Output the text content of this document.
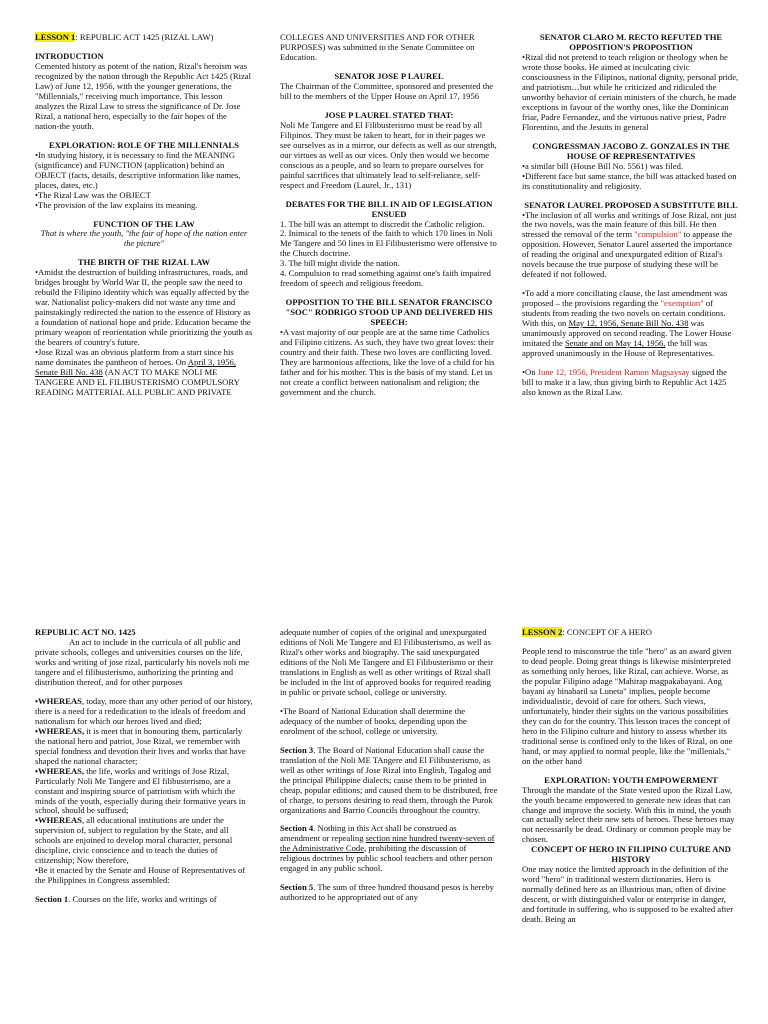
LESSON 1: REPUBLIC ACT 1425 (RIZAL LAW)

INTRODUCTION

Cemented history as potent of the nation, Rizal's heroism was recognized by the nation through the Republic Act 1425 (Rizal Law) of June 12, 1956, with the younger generations, the "Millennials," receiving much importance. This lesson analyzes the Rizal Law to stress the significance of Dr. Jose Rizal, a national hero, especially to the fair hopes of the nation-the youth.

EXPLORATION: ROLE OF THE MILLENNIALS

•In studying history, it is necessary to find the MEANING (significance) and FUNCTION (application) behind an OBJECT (facts, details, descriptive information like names, places, dates, etc.)

•The Rizal Law was the OBJECT

•The provision of the law explains its meaning.

FUNCTION OF THE LAW

That is where the youth, "the fair of hope of the nation enter the picture"

THE BIRTH OF THE RIZAL LAW

•Amidst the destruction of building infrastructures, roads, and bridges brought by World War II, the people saw the need to rebuild the Filipino identity which was equally affected by the war. Nationalist policy-makers did not waste any time and painstakingly redirected the nation to the essence of History as a foundation of national hope and pride. Education became the primary weapon of reorientation while prioritizing the youth as the bearers of country's future.

•Jose Rizal was an obvious platform from a start since his name dominates the pantheon of heroes. On April 3, 1956, Senate Bill No. 438 (AN ACT TO MAKE NOLI ME TANGERE AND EL FILIBUSTERISMO COMPULSORY READING MATTERIAL ALL PUBLIC AND PRIVATE

COLLEGES AND UNIVERSITIES AND FOR OTHER PURPOSES) was submitted to the Senate Committee on Education.

SENATOR JOSE P LAUREL

The Chairman of the Committee, sponsored and presented the bill to the members of the Upper House on April 17, 1956

JOSE P LAUREL STATED THAT:

Noli Me Tangere and El Filibusterismo must be read by all Filipinos. They must be taken to heart, for in their pages we see ourselves as in a mirror, our defects as well as our strength, our virtues as well as our vices. Only then would we become conscious as a people, and so learn to prepare ourselves for painful sacrifices that ultimately lead to self-reliance, self-respect and Freedom (Laurel, Jr., 131)

DEBATES FOR THE BILL IN AID OF LEGISLATION ENSUED

1. The bill was an attempt to discredit the Catholic religion.

2. Inimical to the tenets of the faith to which 170 lines in Noli Me Tangere and 50 lines in El Filibusterismo were offensive to the Church doctrine.

3. The bill might divide the nation.

4. Compulsion to read something against one's faith impaired freedom of speech and religious freedom.

OPPOSITION TO THE BILL SENATOR FRANCISCO "SOC" RODRIGO STOOD UP AND DELIVERED HIS SPEECH:

•A vast majority of our people are at the same time Catholics and Filipino citizens. As such, they have two great loves: their country and their faith. These two loves are conflicting loved. They are harmonious affections, like the love of a child for his father and for his mother. This is the basis of my stand. Let us not create a conflict between nationalism and religion; the government and the church.

SENATOR CLARO M. RECTO REFUTED THE OPPOSITION'S PROPOSITION

•Rizal did not pretend to teach religion or theology when he wrote those books. He aimed at inculcating civic consciousness in the Filipinos, national dignity, personal pride, and patriotism…but while he criticized and ridiculed the unworthy behavior of certain ministers of the church, he made exceptions in favour of the worthy ones, like the Dominican friar, Padre Fernandez, and the virtuous native priest, Padre Florentino, and the Jesuits in general

CONGRESSMAN JACOBO Z. GONZALES IN THE HOUSE OF REPRESENTATIVES

•a similar bill (House Bill No. 5561) was filed.

•Different face but same stance, the bill was attacked based on its constitutionality and religiosity.

SENATOR LAUREL PROPOSED A SUBSTITUTE BILL

•The inclusion of all works and writings of Jose Rizal, not just the two novels, was the main feature of this bill. He then stressed the removal of the term "compulsion" to appease the opposition. However, Senator Laurel asserted the importance of reading the original and unexpurgated edition of Rizal's novels because the true purpose of studying these will be defeated if not followed.

•To add a more conciliating clause, the last amendment was proposed – the provisions regarding the "exemption" of students from reading the two novels on certain conditions. With this, on May 12, 1956, Senate Bill No. 438 was unanimously approved on second reading. The Lower House imitated the Senate and on May 14, 1956, the bill was approved unanimously in the House of Representatives.

•On June 12, 1956, President Ramon Magsaysay signed the bill to make it a law, thus giving birth to Republic Act 1425 also known as the Rizal Law.

REPUBLIC ACT NO. 1425

An act to include in the curricula of all public and private schools, colleges and universities courses on the life, works and writing of jose rizal, particularly his novels noli me tangere and el filibusterismo, authorizing the printing and distribution thereof, and for other purposes

•WHEREAS, today, more than any other period of our history, there is a need for a rededication to the ideals of freedom and nationalism for which our heroes lived and died;

•WHEREAS, it is meet that in honouring them, particularly the national hero and patriot, Jose Rizal, we remember with special fondness and devotion their lives and works that have shaped the national character;

•WHEREAS, the life, works and writings of Jose Rizal, Particularly Noli Me Tangere and El filibusterismo, are a constant and inspiring source of patriotism with which the minds of the youth, especially during their formative years in school, should be suffused;

•WHEREAS, all educational institutions are under the supervision of, subject to regulation by the State, and all schools are enjoined to develop moral character, personal discipline, civic conscience and to teach the duties of citizenship; Now therefore,

•Be it enacted by the Senate and House of Representatives of the Philippines in Congress assembled:

Section 1. Courses on the life, works and writings of

adequate number of copies of the original and unexpurgated editions of Noli Me Tangere and El Filibusterismo, as well as Rizal's other works and biography. The said unexpurgated editions of the Noli Me Tangere and El Filibusterismo or their translations in English as well as other writings of Rizal shall be included in the list of approved books for required reading in public or private school, college or university.

•The Board of National Education shall determine the adequacy of the number of books, depending upon the enrolment of the school, college or university.

Section 3. The Board of National Education shall cause the translation of the Noli ME TAngere and El Filibusterismo, as well as other writings of Jose Rizal into English, Tagalog and the principal Philippine dialects; cause them to be printed in cheap, popular editions; and caused them to be distributed, free of charge, to persons desiring to read them, through the Purok organizations and Barrio Councils throughout the country.

Section 4. Nothing in this Act shall be construed as amendment or repealing section nine hundred twenty-seven of the Administrative Code, prohibiting the discussion of religious doctrines by public school teachers and other person engaged in any public school.

Section 5. The sum of three hundred thousand pesos is hereby authorized to be appropriated out of any

LESSON 2: CONCEPT OF A HERO

People tend to misconstrue the title "hero" as an award given to dead people. Doing great things is likewise misinterpreted as something only heroes, like Rizal, can achieve. Worse, as the popular Filipino adage "Mahirap magpakabayani. Ang bayani ay binabaril sa Luneta" implies, people become individualistic, devoid of care for others. Such views, unfortunately, hinder their sights on the various possibilities they can do for the country. This lesson traces the concept of hero in the Filipino culture and history to assess whether its traditional sense is confined only to the likes of Rizal, on one hand, or may applied to normal people, like the "millenials," on the other hand

EXPLORATION: YOUTH EMPOWERMENT

Through the mandate of the State vested upon the Rizal Law, the youth became empowered to generate new ideas that can change and improve the society. With this in mind, the youth can actually select their new sets of heroes. These heroes may not necessarily be dead. Ordinary or common people may be chosen.

CONCEPT OF HERO IN FILIPINO CULTURE AND HISTORY

One may notice the limited approach in the definition of the word "hero" in traditional western dictionaries. Hero is normally defined here as an illustrious man, often of divine descent, or with distinguished valor or enterprise in danger, and fortitude in suffering, who is supposed to be exalted after death. Being an
